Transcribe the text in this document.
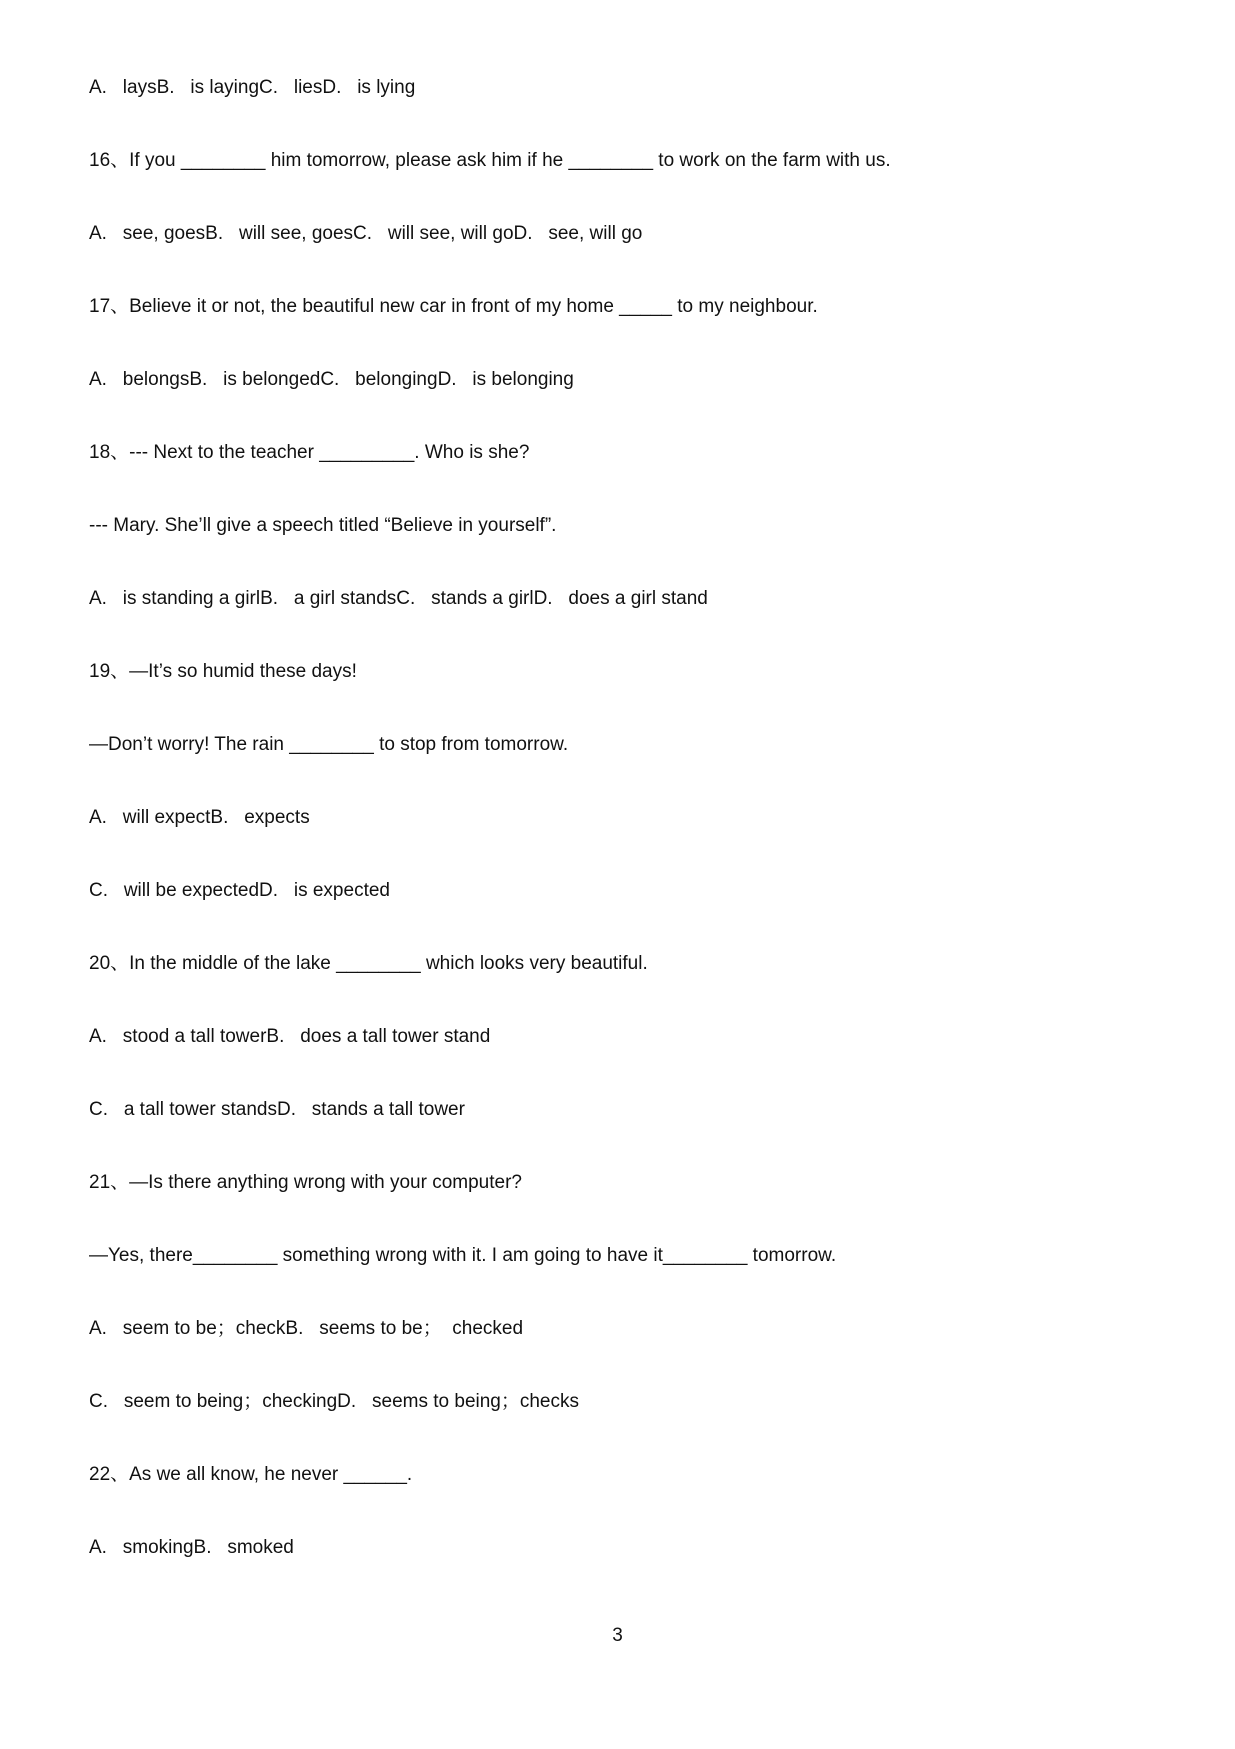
A.   laysB.   is layingC.   liesD.   is lying
16、If you ________ him tomorrow, please ask him if he ________ to work on the farm with us.
A.   see, goesB.   will see, goesC.   will see, will goD.   see, will go
17、Believe it or not, the beautiful new car in front of my home _____ to my neighbour.
A.   belongsB.   is belongedC.   belongingD.   is belonging
18、--- Next to the teacher _________. Who is she?
--- Mary. She’ll give a speech titled “Believe in yourself”.
A.   is standing a girlB.   a girl standsC.   stands a girlD.   does a girl stand
19、—It’s so humid these days!
—Don’t worry! The rain ________ to stop from tomorrow.
A.   will expectB.   expects
C.   will be expectedD.   is expected
20、In the middle of the lake ________ which looks very beautiful.
A.   stood a tall towerB.   does a tall tower stand
C.   a tall tower standsD.   stands a tall tower
21、—Is there anything wrong with your computer?
—Yes, there________ something wrong with it. I am going to have it________ tomorrow.
A.   seem to be；checkB.   seems to be；  checked
C.   seem to being；checkingD.   seems to being；checks
22、As we all know, he never ______.
A.   smokingB.   smoked
3
